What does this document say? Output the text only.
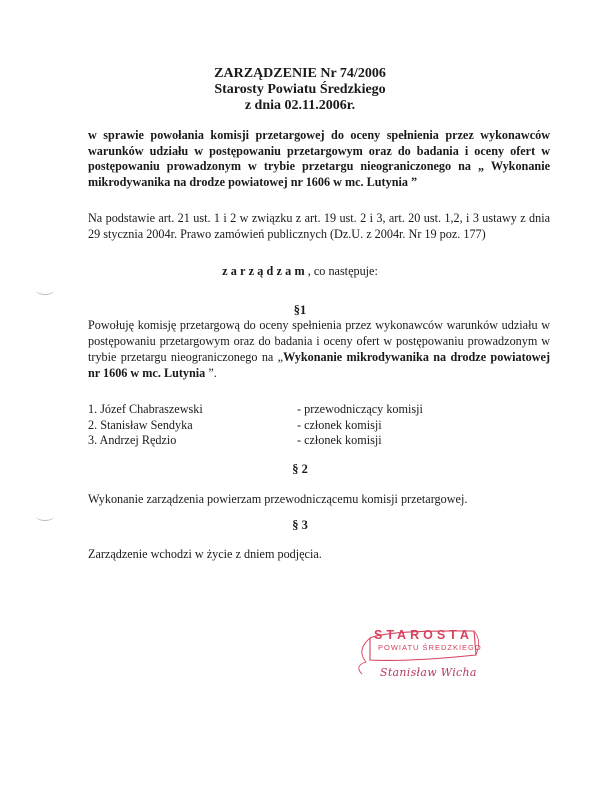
ZARZĄDZENIE Nr 74/2006
Starosty Powiatu Średzkiego
z dnia 02.11.2006r.
w sprawie powołania komisji przetargowej do oceny spełnienia przez wykonawców
warunków udziału w postępowaniu przetargowym oraz do badania i oceny ofert w
postępowaniu prowadzonym w trybie przetargu nieograniczonego na „ Wykonanie
mikrodywanika na drodze powiatowej nr 1606 w mc. Lutynia ”
Na podstawie art. 21 ust. 1 i 2 w związku z art. 19 ust. 2 i 3, art. 20 ust. 1,2, i 3 ustawy z dnia
29 stycznia 2004r. Prawo zamówień publicznych (Dz.U. z 2004r. Nr 19 poz. 177)
zarządzam, co następuje:
§1
Powołuję komisję przetargową do oceny spełnienia przez wykonawców warunków udziału w
postępowaniu przetargowym oraz do badania i oceny ofert w postępowaniu prowadzonym w
trybie przetargu nieograniczonego na „Wykonanie mikrodywanika na drodze powiatowej
nr 1606 w mc. Lutynia ”.
1. Józef Chabraszewski	- przewodniczący komisji
2. Stanisław Sendyka	- członek komisji
3. Andrzej Rędzio	- członek komisji
§ 2
Wykonanie zarządzenia powierzam przewodniczącemu komisji przetargowej.
§ 3
Zarządzenie wchodzi w życie z dniem podjęcia.
STAROSTA
POWIATU ŚREDZKIEGO
Stanisław Wicha
